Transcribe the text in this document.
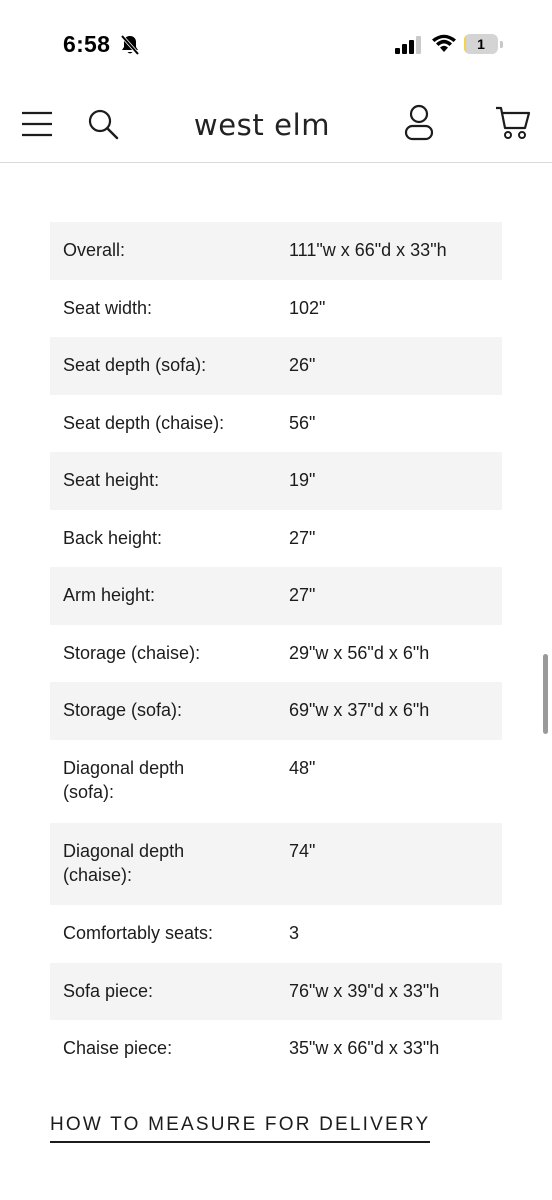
6:58	1
west elm
Overall:	111"w x 66"d x 33"h
Seat width:	102"
Seat depth (sofa):	26"
Seat depth (chaise):	56"
Seat height:	19"
Back height:	27"
Arm height:	27"
Storage (chaise):	29"w x 56"d x 6"h
Storage (sofa):	69"w x 37"d x 6"h
Diagonal depth (sofa):
48"
Diagonal depth (chaise):
74"
Comfortably seats:	3
Sofa piece:	76"w x 39"d x 33"h
Chaise piece:	35"w x 66"d x 33"h
HOW TO MEASURE FOR DELIVERY
